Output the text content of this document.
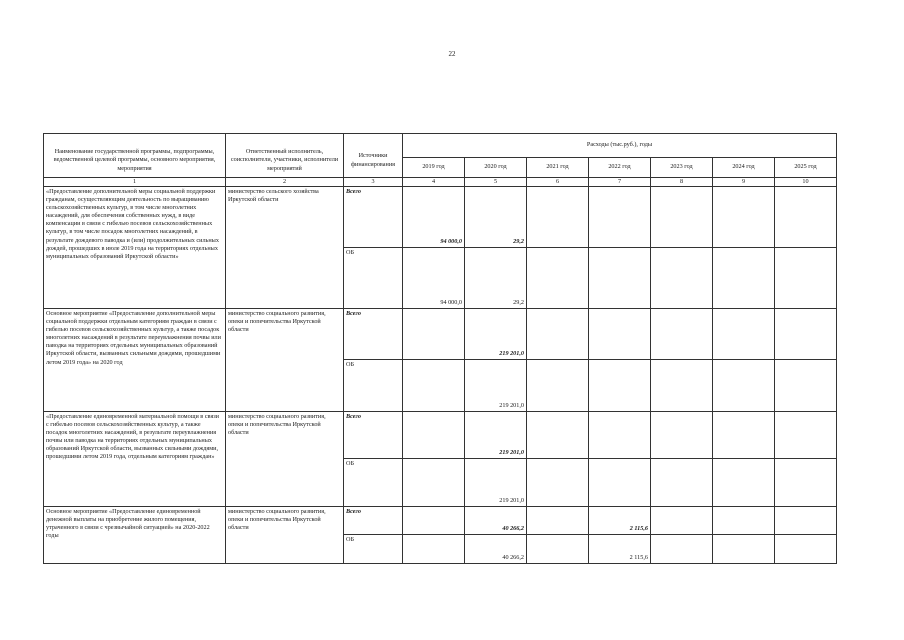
22
Наименование государственной программы, подпрограммы, ведомственной целевой программы, основного мероприятия, мероприятия	Ответственный исполнитель, соисполнители, участники, исполнители мероприятий	Источники финансирования	Расходы (тыс.руб.), годы						
			2019 год	2020 год	2021 год	2022 год	2023 год	2024 год	2025 год
1	2	3	4	5	6	7	8	9	10
«Предоставление дополнительной меры социальной поддержки гражданам, осуществляющим деятельность по выращиванию сельскохозяйственных культур, в том числе многолетних насаждений, для обеспечения собственных нужд, в виде компенсации в связи с гибелью посевов сельскохозяйственных культур, в том числе посадок многолетних насаждений, в результате дождевого паводка и (или) продолжительных сильных дождей, прошедших в июле 2019 года на территориях отдельных муниципальных образований Иркутской области»	министерство сельского хозяйства Иркутской области	Всего	94 000,0	29,2					
		ОБ	94 000,0	29,2					
Основное мероприятие «Предоставление дополнительной меры социальной поддержки отдельным категориям граждан в связи с гибелью посевов сельскохозяйственных культур, а также посадок многолетних насаждений в результате переувлажнения почвы или паводка на территориях отдельных муниципальных образований Иркутской области, вызванных сильными дождями, прошедшими летом 2019 года» на 2020 год	министерство социального развития, опеки и попечительства Иркутской области	Всего		219 201,0					
		ОБ		219 201,0					
«Предоставление единовременной материальной помощи в связи с гибелью посевов сельскохозяйственных культур, а также посадок многолетних насаждений, в результате переувлажнения почвы или паводка на территориях отдельных муниципальных образований Иркутской области, вызванных сильными дождями, прошедшими летом 2019 года, отдельным категориям граждан»	министерство социального развития, опеки и попечительства Иркутской области	Всего		219 201,0					
		ОБ		219 201,0					
Основное мероприятие «Предоставление единовременной денежной выплаты на приобретение жилого помещения, утраченного в связи с чрезвычайной ситуацией» на 2020-2022 годы	министерство социального развития, опеки и попечительства Иркутской области	Всего		40 266,2		2 115,6			
		ОБ		40 266,2		2 115,6			
